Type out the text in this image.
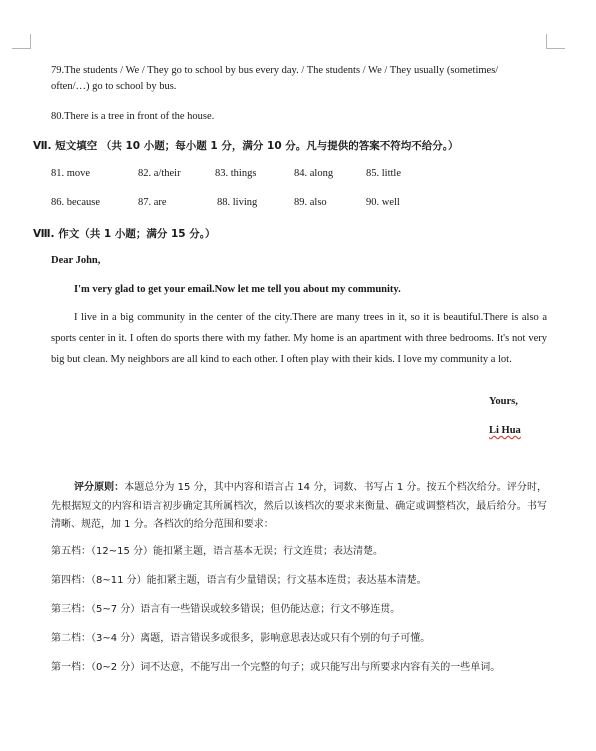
79.The students / We / They go to school by bus every day. / The students / We / They usually (sometimes/
often/…) go to school by bus.
80.There is a tree in front of the house.
Ⅶ. 短文填空 （共 10 小题；每小题 1 分，满分 10 分。凡与提供的答案不符均不给分。）
81. move	82. a/their	83. things	84. along	85. little
86. because	87. are	88. living	89. also	90. well
Ⅷ. 作文（共 1 小题；满分 15 分。）
Dear John,
I'm very glad to get your email.Now let me tell you about my community.
I live in a big community in the center of the city.There are many trees in it, so it is beautiful.There is also a sports center in it. I often do sports there with my father. My home is an apartment with three bedrooms. It's not very big but clean. My neighbors are all kind to each other. I often play with their kids. I love my community a lot.
Yours,
Li Hua
评分原则：本题总分为 15 分，其中内容和语言占 14 分，词数、书写占 1 分。按五个档次给分。评分时，先根据短文的内容和语言初步确定其所属档次，然后以该档次的要求来衡量、确定或调整档次，最后给分。书写清晰、规范，加 1 分。各档次的给分范围和要求：
第五档：（12~15 分）能扣紧主题，语言基本无误；行文连贯；表达清楚。
第四档：（8~11 分）能扣紧主题，语言有少量错误；行文基本连贯；表达基本清楚。
第三档：（5~7 分）语言有一些错误或较多错误；但仍能达意；行文不够连贯。
第二档：（3~4 分）离题，语言错误多或很多，影响意思表达或只有个别的句子可懂。
第一档：（0~2 分）词不达意，不能写出一个完整的句子；或只能写出与所要求内容有关的一些单词。
